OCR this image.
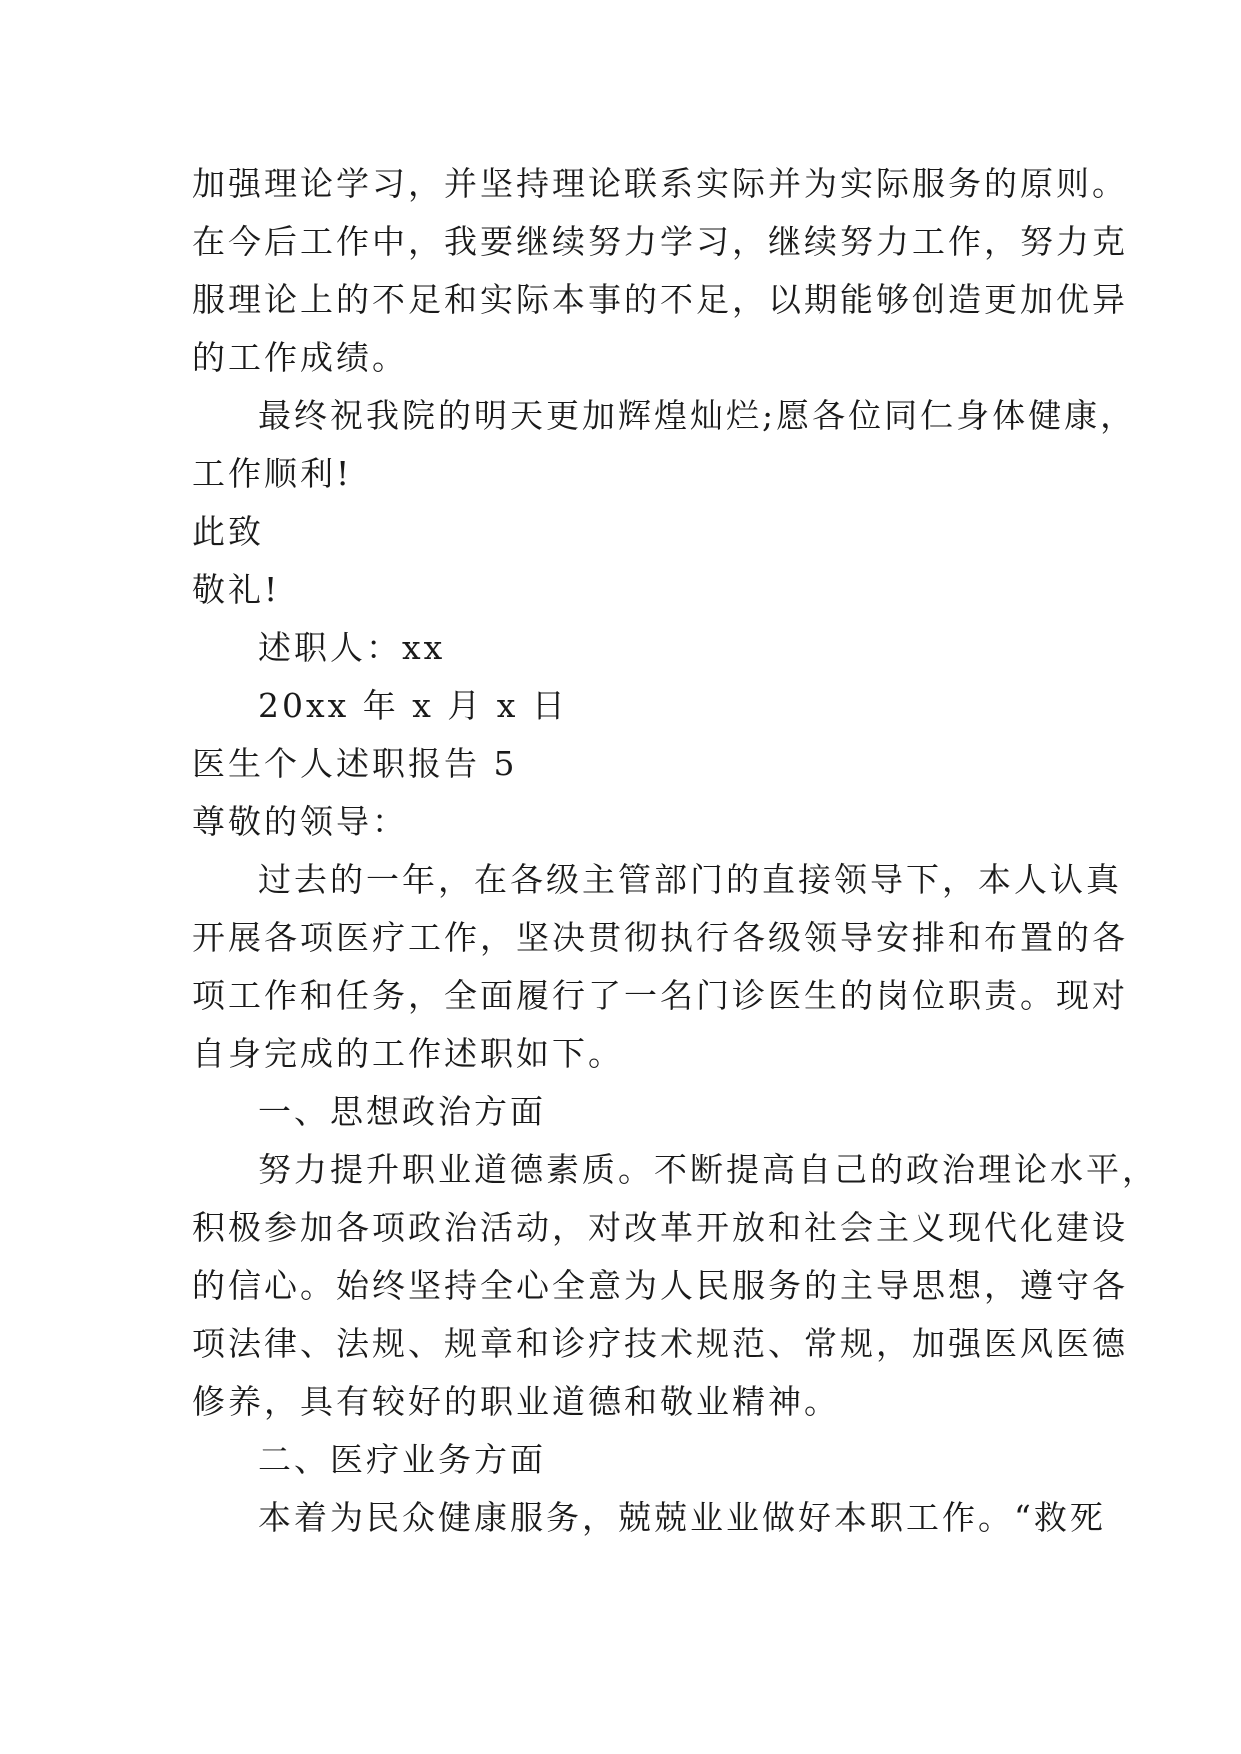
加强理论学习，并坚持理论联系实际并为实际服务的原则。
在今后工作中，我要继续努力学习，继续努力工作，努力克
服理论上的不足和实际本事的不足，以期能够创造更加优异
的工作成绩。
最终祝我院的明天更加辉煌灿烂;愿各位同仁身体健康，
工作顺利!
此致
敬礼!
述职人：xx
20xx 年 x 月 x 日
医生个人述职报告 5
尊敬的领导：
过去的一年，在各级主管部门的直接领导下，本人认真
开展各项医疗工作，坚决贯彻执行各级领导安排和布置的各
项工作和任务，全面履行了一名门诊医生的岗位职责。现对
自身完成的工作述职如下。
一、思想政治方面
努力提升职业道德素质。不断提高自己的政治理论水平，
积极参加各项政治活动，对改革开放和社会主义现代化建设
的信心。始终坚持全心全意为人民服务的主导思想，遵守各
项法律、法规、规章和诊疗技术规范、常规，加强医风医德
修养，具有较好的职业道德和敬业精神。
二、医疗业务方面
本着为民众健康服务，兢兢业业做好本职工作。“救死
